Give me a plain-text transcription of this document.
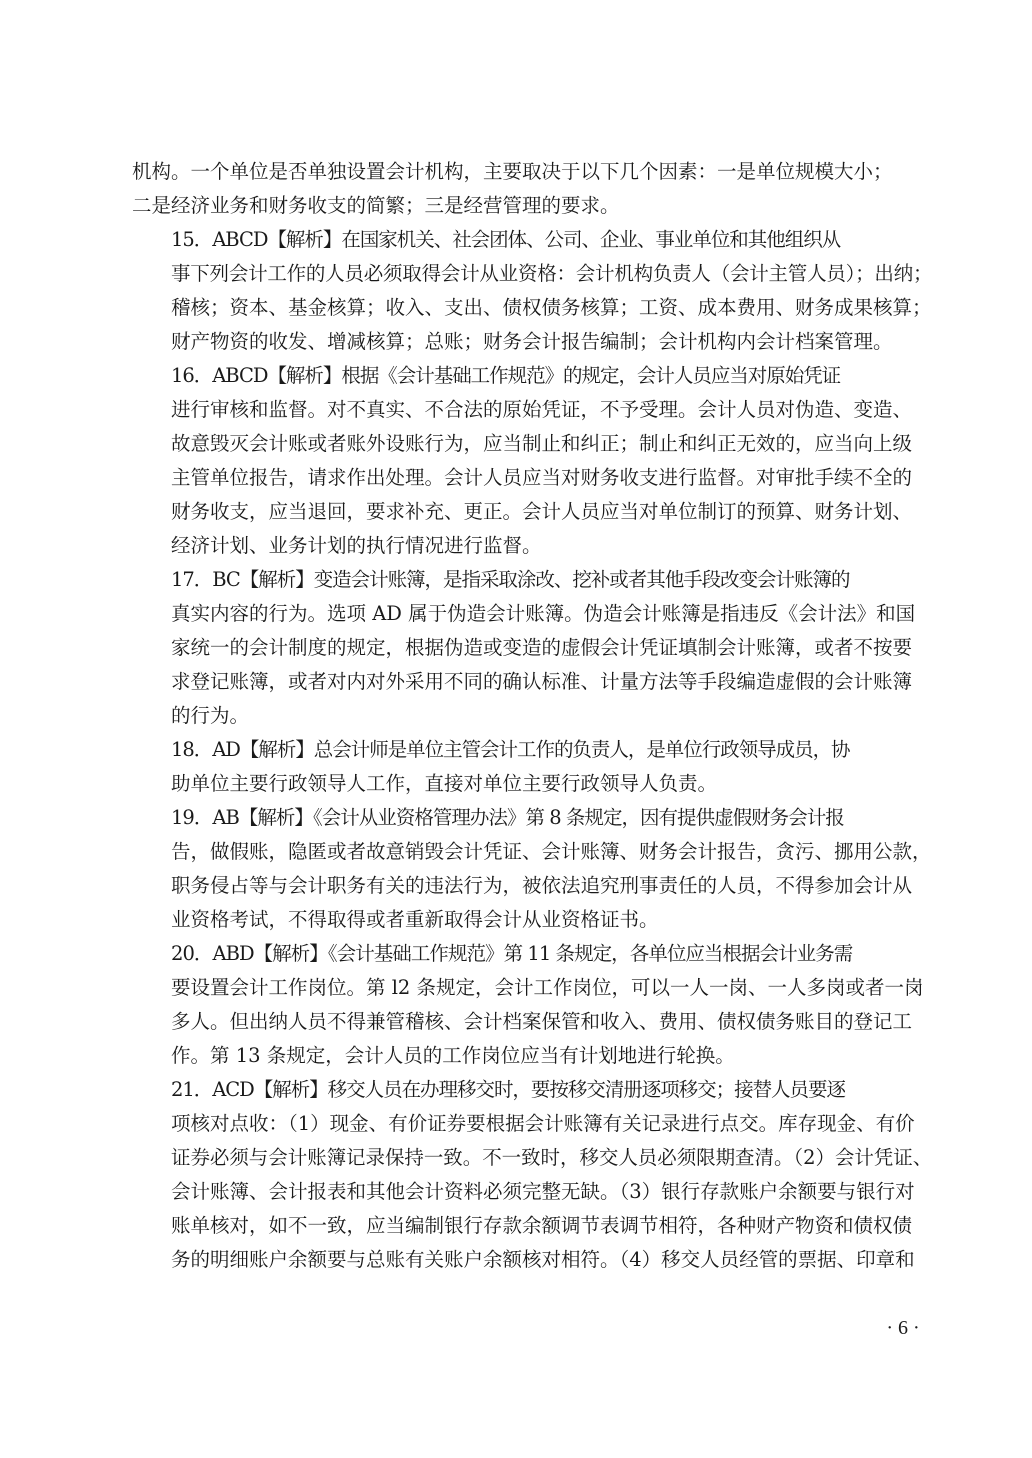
机构。一个单位是否单独设置会计机构，主要取决于以下几个因素：一是单位规模大小；
二是经济业务和财务收支的简繁；三是经营管理的要求。

15．ABCD【解析】在国家机关、社会团体、公司、企业、事业单位和其他组织从
事下列会计工作的人员必须取得会计从业资格：会计机构负责人（会计主管人员）；出纳；
稽核；资本、基金核算；收入、支出、债权债务核算；工资、成本费用、财务成果核算；
财产物资的收发、增减核算；总账；财务会计报告编制；会计机构内会计档案管理。

16．ABCD【解析】根据《会计基础工作规范》的规定，会计人员应当对原始凭证
进行审核和监督。对不真实、不合法的原始凭证，不予受理。会计人员对伪造、变造、
故意毁灭会计账或者账外设账行为，应当制止和纠正；制止和纠正无效的，应当向上级
主管单位报告，请求作出处理。会计人员应当对财务收支进行监督。对审批手续不全的
财务收支，应当退回，要求补充、更正。会计人员应当对单位制订的预算、财务计划、
经济计划、业务计划的执行情况进行监督。

17．BC【解析】变造会计账簿，是指采取涂改、挖补或者其他手段改变会计账簿的
真实内容的行为。选项 AD 属于伪造会计账簿。伪造会计账簿是指违反《会计法》和国
家统一的会计制度的规定，根据伪造或变造的虚假会计凭证填制会计账簿，或者不按要
求登记账簿，或者对内对外采用不同的确认标准、计量方法等手段编造虚假的会计账簿
的行为。

18．AD【解析】总会计师是单位主管会计工作的负责人，是单位行政领导成员，协
助单位主要行政领导人工作，直接对单位主要行政领导人负责。

19．AB【解析】《会计从业资格管理办法》第 8 条规定，因有提供虚假财务会计报
告，做假账，隐匿或者故意销毁会计凭证、会计账簿、财务会计报告，贪污、挪用公款，
职务侵占等与会计职务有关的违法行为，被依法追究刑事责任的人员，不得参加会计从
业资格考试，不得取得或者重新取得会计从业资格证书。

20．ABD【解析】《会计基础工作规范》第 11 条规定，各单位应当根据会计业务需
要设置会计工作岗位。第 l2 条规定，会计工作岗位，可以一人一岗、一人多岗或者一岗
多人。但出纳人员不得兼管稽核、会计档案保管和收入、费用、债权债务账目的登记工
作。第 13 条规定，会计人员的工作岗位应当有计划地进行轮换。

21．ACD【解析】移交人员在办理移交时，要按移交清册逐项移交；接替人员要逐
项核对点收：（1）现金、有价证券要根据会计账簿有关记录进行点交。库存现金、有价
证券必须与会计账簿记录保持一致。不一致时，移交人员必须限期查清。（2）会计凭证、
会计账簿、会计报表和其他会计资料必须完整无缺。（3）银行存款账户余额要与银行对
账单核对，如不一致，应当编制银行存款余额调节表调节相符，各种财产物资和债权债
务的明细账户余额要与总账有关账户余额核对相符。（4）移交人员经管的票据、印章和

· 6 ·
